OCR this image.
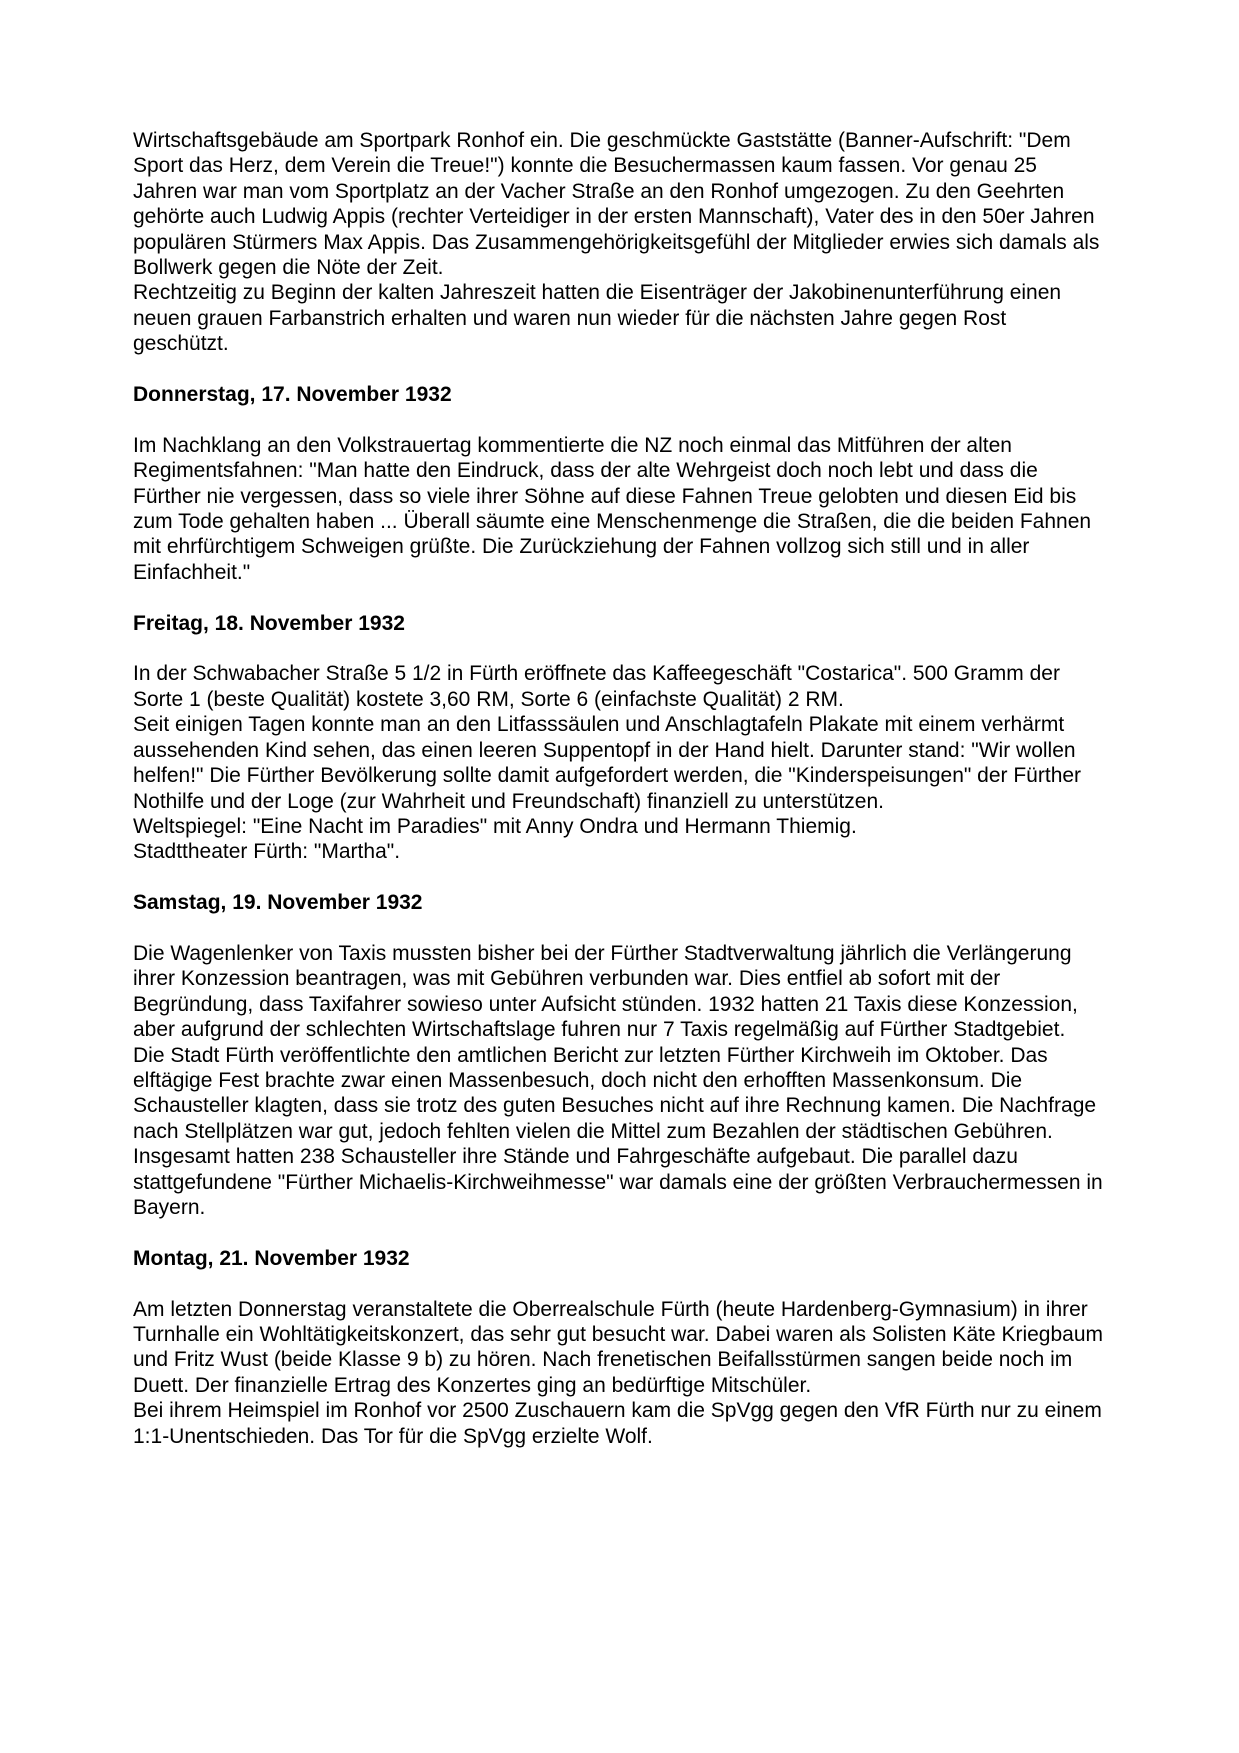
Wirtschaftsgebäude am Sportpark Ronhof ein. Die geschmückte Gaststätte (Banner-Aufschrift: "Dem Sport das Herz, dem Verein die Treue!") konnte die Besuchermassen kaum fassen. Vor genau 25 Jahren war man vom Sportplatz an der Vacher Straße an den Ronhof umgezogen. Zu den Geehrten gehörte auch Ludwig Appis (rechter Verteidiger in der ersten Mannschaft), Vater des in den 50er Jahren populären Stürmers Max Appis. Das Zusammengehörigkeitsgefühl der Mitglieder erwies sich damals als Bollwerk gegen die Nöte der Zeit.

Rechtzeitig zu Beginn der kalten Jahreszeit hatten die Eisenträger der Jakobinenunterführung einen neuen grauen Farbanstrich erhalten und waren nun wieder für die nächsten Jahre gegen Rost geschützt.

Donnerstag, 17. November 1932

Im Nachklang an den Volkstrauertag kommentierte die NZ noch einmal das Mitführen der alten Regimentsfahnen: "Man hatte den Eindruck, dass der alte Wehrgeist doch noch lebt und dass die Fürther nie vergessen, dass so viele ihrer Söhne auf diese Fahnen Treue gelobten und diesen Eid bis zum Tode gehalten haben ... Überall säumte eine Menschenmenge die Straßen, die die beiden Fahnen mit ehrfürchtigem Schweigen grüßte. Die Zurückziehung der Fahnen vollzog sich still und in aller Einfachheit."

Freitag, 18. November 1932

In der Schwabacher Straße 5 1/2 in Fürth eröffnete das Kaffeegeschäft "Costarica". 500 Gramm der Sorte 1 (beste Qualität) kostete 3,60 RM, Sorte 6 (einfachste Qualität) 2 RM.

Seit einigen Tagen konnte man an den Litfasssäulen und Anschlagtafeln Plakate mit einem verhärmt aussehenden Kind sehen, das einen leeren Suppentopf in der Hand hielt. Darunter stand: "Wir wollen helfen!" Die Fürther Bevölkerung sollte damit aufgefordert werden, die "Kinderspeisungen" der Fürther Nothilfe und der Loge (zur Wahrheit und Freundschaft) finanziell zu unterstützen.

Weltspiegel: "Eine Nacht im Paradies" mit Anny Ondra und Hermann Thiemig.

Stadttheater Fürth: "Martha".

Samstag, 19. November 1932

Die Wagenlenker von Taxis mussten bisher bei der Fürther Stadtverwaltung jährlich die Verlängerung ihrer Konzession beantragen, was mit Gebühren verbunden war. Dies entfiel ab sofort mit der Begründung, dass Taxifahrer sowieso unter Aufsicht stünden. 1932 hatten 21 Taxis diese Konzession, aber aufgrund der schlechten Wirtschaftslage fuhren nur 7 Taxis regelmäßig auf Fürther Stadtgebiet.

Die Stadt Fürth veröffentlichte den amtlichen Bericht zur letzten Fürther Kirchweih im Oktober. Das elftägige Fest brachte zwar einen Massenbesuch, doch nicht den erhofften Massenkonsum. Die Schausteller klagten, dass sie trotz des guten Besuches nicht auf ihre Rechnung kamen. Die Nachfrage nach Stellplätzen war gut, jedoch fehlten vielen die Mittel zum Bezahlen der städtischen Gebühren. Insgesamt hatten 238 Schausteller ihre Stände und Fahrgeschäfte aufgebaut. Die parallel dazu stattgefundene "Fürther Michaelis-Kirchweihmesse" war damals eine der größten Verbrauchermessen in Bayern.

Montag, 21. November 1932

Am letzten Donnerstag veranstaltete die Oberrealschule Fürth (heute Hardenberg-Gymnasium) in ihrer Turnhalle ein Wohltätigkeitskonzert, das sehr gut besucht war. Dabei waren als Solisten Käte Kriegbaum und Fritz Wust (beide Klasse 9 b) zu hören. Nach frenetischen Beifallsstürmen sangen beide noch im Duett. Der finanzielle Ertrag des Konzertes ging an bedürftige Mitschüler.

Bei ihrem Heimspiel im Ronhof vor 2500 Zuschauern kam die SpVgg gegen den VfR Fürth nur zu einem 1:1-Unentschieden. Das Tor für die SpVgg erzielte Wolf.
